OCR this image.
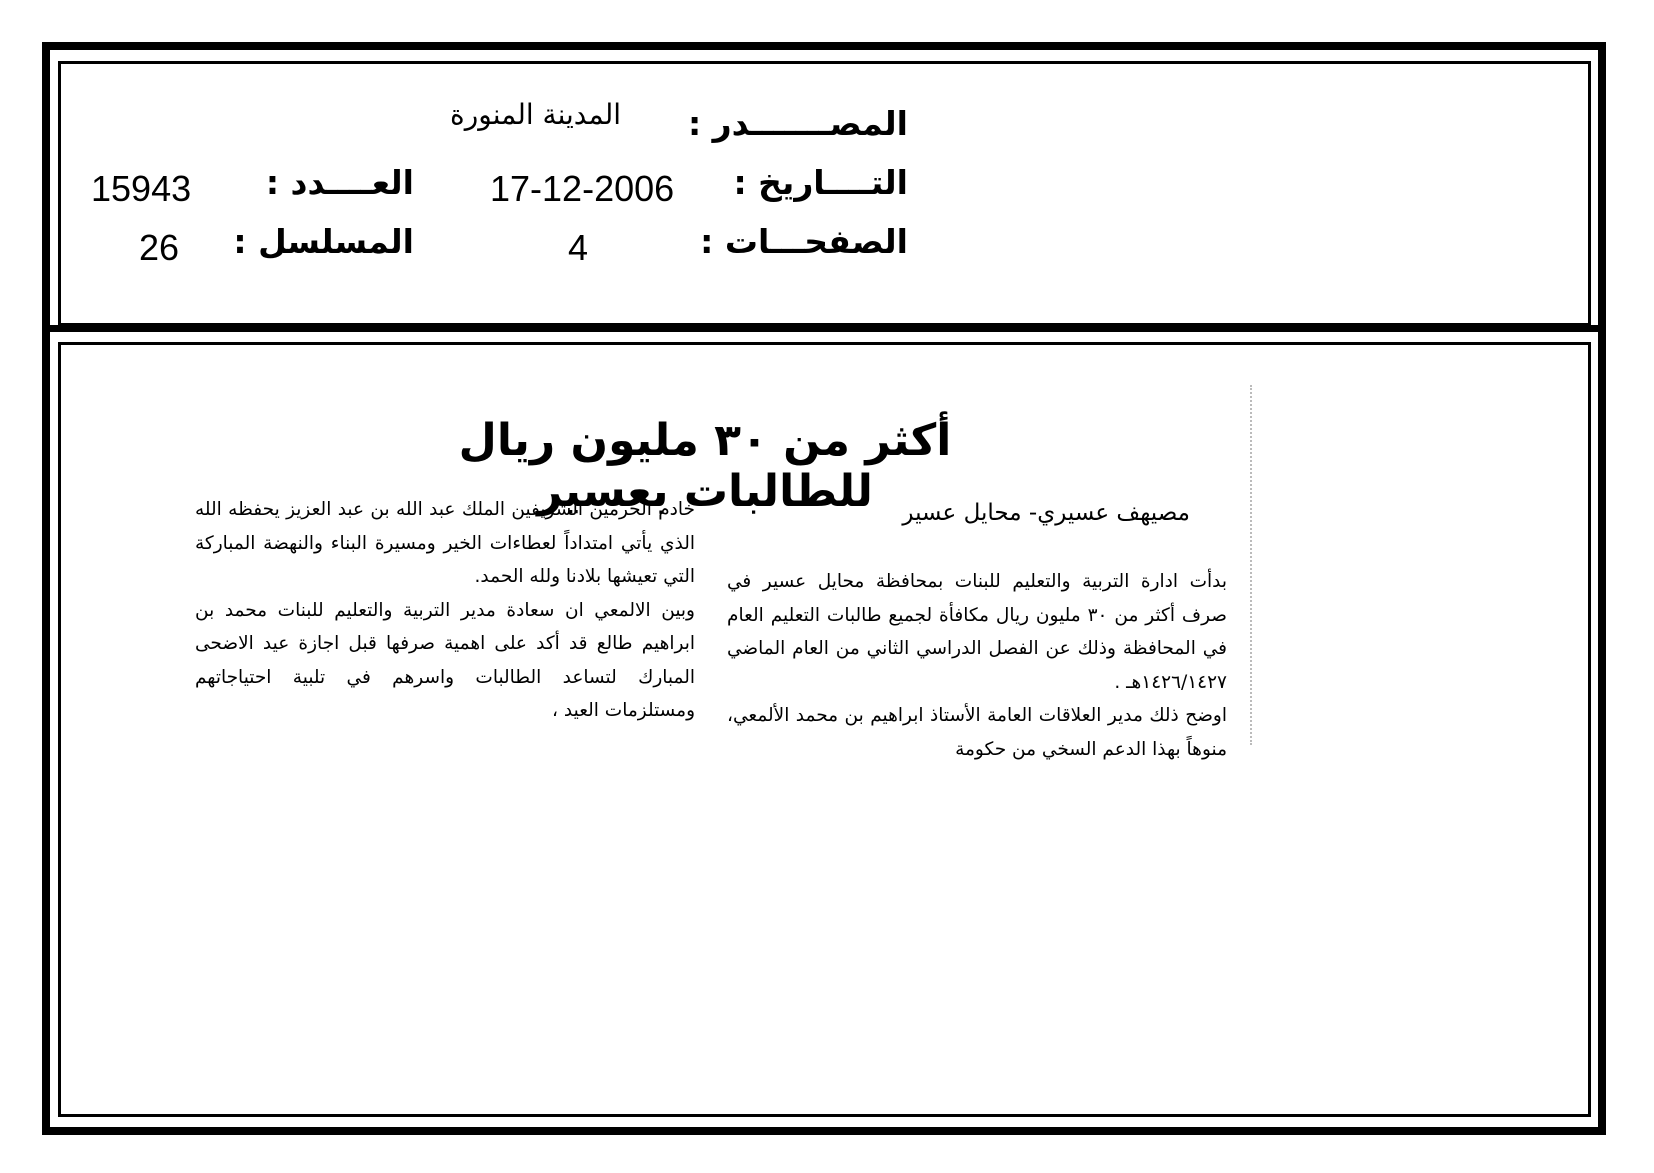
المصـــــــدر :
المدينة المنورة
التــــاريخ :
17-12-2006
العــــدد :
15943
الصفحـــات :
4
المسلسل :
26
أكثر من ٣٠ مليون ريال للطالبات بعسير	مصيهف عسيري- محايل عسير

بدأت ادارة التربية والتعليم للبنات بمحافظة محايل عسير في صرف أكثر من ٣٠ مليون ريال مكافأة لجميع طالبات التعليم العام في المحافظة وذلك عن الفصل الدراسي الثاني من العام الماضي ١٤٢٦/١٤٢٧هـ .

اوضح ذلك مدير العلاقات العامة الأستاذ ابراهيم بن محمد الألمعي، منوهاً بهذا الدعم السخي من حكومة

خادم الحرمين الشريفين الملك عبد الله بن عبد العزيز يحفظه الله الذي يأتي امتداداً لعطاءات الخير ومسيرة البناء والنهضة المباركة التي تعيشها بلادنا ولله الحمد.

وبين الالمعي ان سعادة مدير التربية والتعليم للبنات محمد بن ابراهيم طالع قد أكد على اهمية صرفها قبل اجازة عيد الاضحى المبارك لتساعد الطالبات واسرهم في تلبية احتياجاتهم ومستلزمات العيد ،
